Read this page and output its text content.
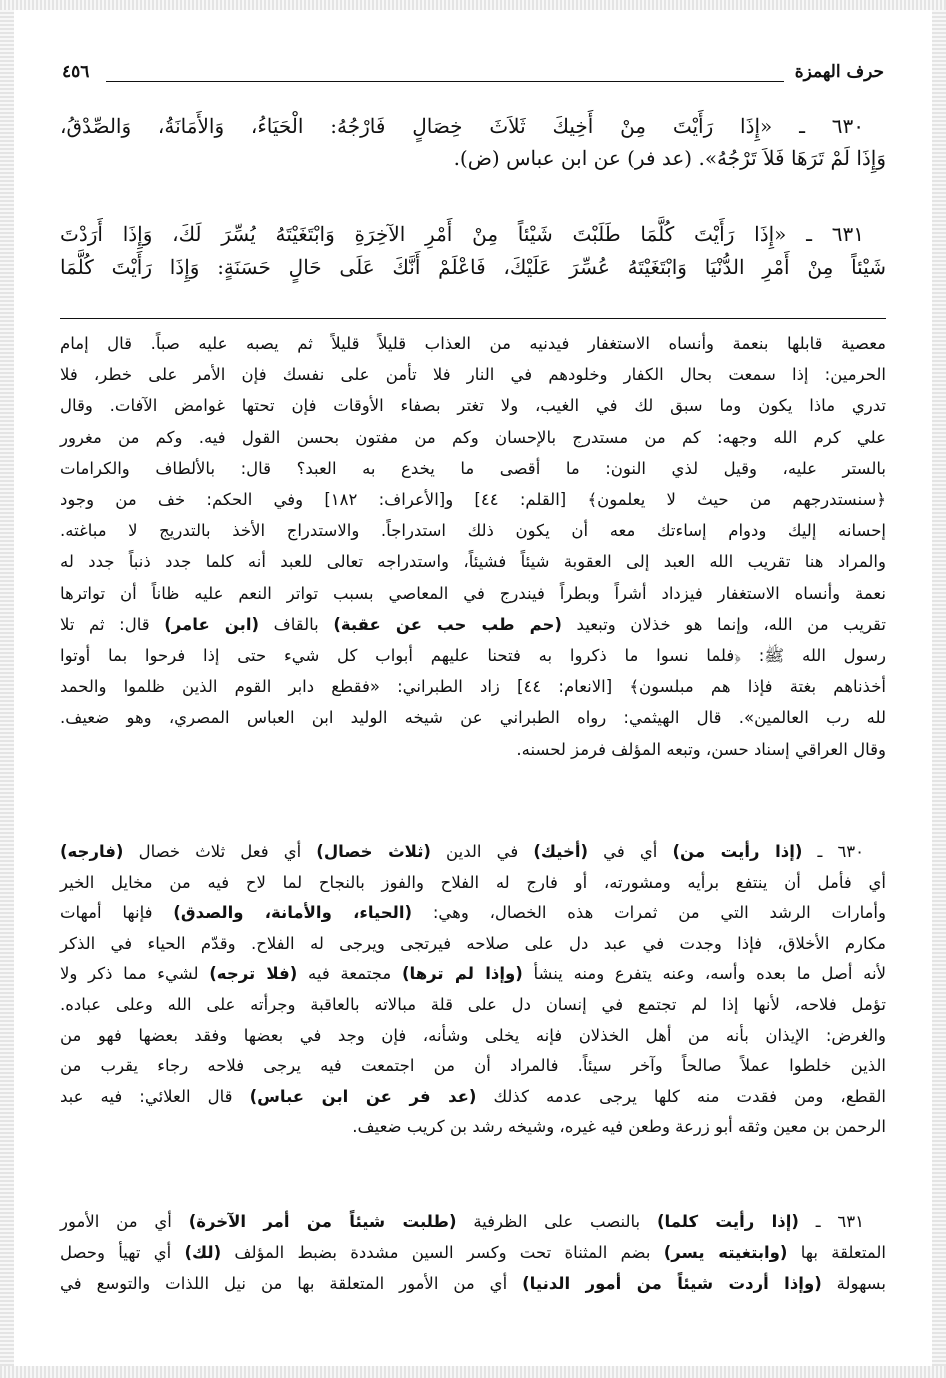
حرف الهمزة
٤٥٦
٦٣٠ ـ «إِذَا رَأَيْتَ مِنْ أَخِيكَ ثَلاَثَ خِصَالٍ فَارْجُهُ: الْحَيَاءُ، وَالأَمَانَةُ، وَالصِّدْقُ،
وَإِذَا لَمْ تَرَهَا فَلاَ تَرْجُهُ». (عد فر) عن ابن عباس (ض).
٦٣١ ـ «إِذَا رَأَيْتَ كُلَّمَا طَلَبْتَ شَيْئاً مِنْ أَمْرِ الآخِرَةِ وَابْتَغَيْتَهُ يُسِّرَ لَكَ، وَإِذَا أَرَدْتَ
شَيْئاً مِنْ أَمْرِ الدُّنْيَا وَابْتَغَيْتَهُ عُسِّرَ عَلَيْكَ، فَاعْلَمْ أَنَّكَ عَلَى حَالٍ حَسَنَةٍ: وَإِذَا رَأَيْتَ كُلَّمَا
معصية قابلها بنعمة وأنساه الاستغفار فيدنيه من العذاب قليلاً قليلاً ثم يصبه عليه صباً. قال إمام
الحرمين: إذا سمعت بحال الكفار وخلودهم في النار فلا تأمن على نفسك فإن الأمر على خطر، فلا
تدري ماذا يكون وما سبق لك في الغيب، ولا تغتر بصفاء الأوقات فإن تحتها غوامض الآفات. وقال
علي كرم الله وجهه: كم من مستدرج بالإحسان وكم من مفتون بحسن القول فيه. وكم من مغرور
بالستر عليه، وقيل لذي النون: ما أقصى ما يخدع به العبد؟ قال: بالألطاف والكرامات
﴿سنستدرجهم من حيث لا يعلمون﴾ [القلم: ٤٤] و[الأعراف: ١٨٢] وفي الحكم: خف من وجود
إحسانه إليك ودوام إساءتك معه أن يكون ذلك استدراجاً. والاستدراج الأخذ بالتدريج لا مباغته.
والمراد هنا تقريب الله العبد إلى العقوبة شيئاً فشيئاً، واستدراجه تعالى للعبد أنه كلما جدد ذنباً جدد له
نعمة وأنساه الاستغفار فيزداد أشراً وبطراً فيندرج في المعاصي بسبب تواتر النعم عليه ظاناً أن تواترها
تقريب من الله، وإنما هو خذلان وتبعيد (حم طب حب عن عقبة) بالقاف (ابن عامر) قال: ثم تلا
رسول الله ﷺ: ﴿فلما نسوا ما ذكروا به فتحنا عليهم أبواب كل شيء حتى إذا فرحوا بما أوتوا
أخذناهم بغتة فإذا هم مبلسون﴾ [الانعام: ٤٤] زاد الطبراني: «فقطع دابر القوم الذين ظلموا والحمد
لله رب العالمين». قال الهيثمي: رواه الطبراني عن شيخه الوليد ابن العباس المصري، وهو ضعيف.
وقال العراقي إسناد حسن، وتبعه المؤلف فرمز لحسنه.
٦٣٠ ـ (إذا رأيت من) أي في (أخيك) في الدين (ثلاث خصال) أي فعل ثلاث خصال (فارجه)
أي فأمل أن ينتفع برأيه ومشورته، أو فارج له الفلاح والفوز بالنجاح لما لاح فيه من مخايل الخير
وأمارات الرشد التي من ثمرات هذه الخصال، وهي: (الحياء، والأمانة، والصدق) فإنها أمهات
مكارم الأخلاق، فإذا وجدت في عبد دل على صلاحه فيرتجى ويرجى له الفلاح. وقدّم الحياء في الذكر
لأنه أصل ما بعده وأسه، وعنه يتفرع ومنه ينشأ (وإذا لم ترها) مجتمعة فيه (فلا ترجه) لشيء مما ذكر ولا
تؤمل فلاحه، لأنها إذا لم تجتمع في إنسان دل على قلة مبالاته بالعاقبة وجرأته على الله وعلى عباده.
والغرض: الإيذان بأنه من أهل الخذلان فإنه يخلى وشأنه، فإن وجد في بعضها وفقد بعضها فهو من
الذين خلطوا عملاً صالحاً وآخر سيئاً. فالمراد أن من اجتمعت فيه يرجى فلاحه رجاء يقرب من
القطع، ومن فقدت منه كلها يرجى عدمه كذلك (عد فر عن ابن عباس) قال العلائي: فيه عبد
الرحمن بن معين وثقه أبو زرعة وطعن فيه غيره، وشيخه رشد بن كريب ضعيف.
٦٣١ ـ (إذا رأيت كلما) بالنصب على الظرفية (طلبت شيئاً من أمر الآخرة) أي من الأمور
المتعلقة بها (وابتغيته يسر) بضم المثناة تحت وكسر السين مشددة بضبط المؤلف (لك) أي تهيأ وحصل
بسهولة (وإذا أردت شيئاً من أمور الدنيا) أي من الأمور المتعلقة بها من نيل اللذات والتوسع في
